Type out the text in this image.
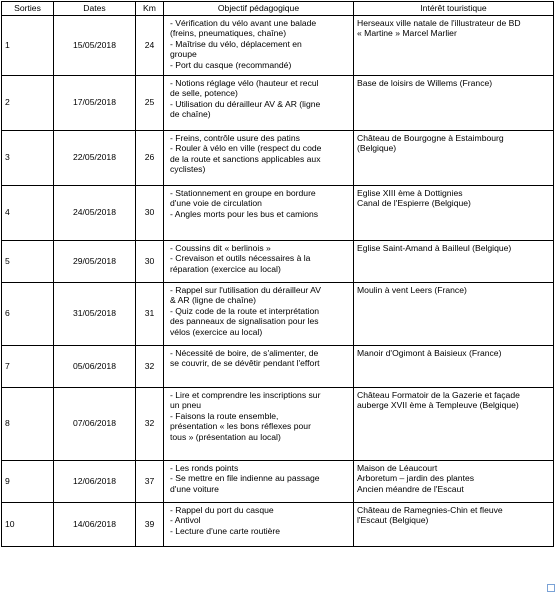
Sorties	Dates	Km	Objectif pédagogique	Intérêt touristique

1	15/05/2018	24	- Vérification du vélo avant une balade
(freins, pneumatiques, chaîne)
- Maîtrise du vélo, déplacement en
groupe
- Port du casque (recommandé)	Herseaux ville natale de l'illustrateur de BD
« Martine » Marcel Marlier

2	17/05/2018	25	- Notions réglage vélo (hauteur et recul
de selle, potence)
- Utilisation du dérailleur AV & AR (ligne
de chaîne)	Base de loisirs de Willems (France)

3	22/05/2018	26	- Freins, contrôle usure des patins
- Rouler à vélo en ville (respect du code
de la route et sanctions applicables aux
cyclistes)	Château de Bourgogne à Estaimbourg
(Belgique)

4	24/05/2018	30	- Stationnement en groupe en bordure
d'une voie de circulation
- Angles morts pour les bus et camions	Eglise XIII ème à Dottignies
Canal de l'Espierre (Belgique)

5	29/05/2018	30	- Coussins dit « berlinois »
- Crevaison et outils nécessaires à la
réparation (exercice au local)	Eglise Saint-Amand à Bailleul (Belgique)

6	31/05/2018	31	- Rappel sur l'utilisation du dérailleur AV
& AR (ligne de chaîne)
- Quiz code de la route et interprétation
des panneaux de signalisation pour les
vélos (exercice au local)	Moulin à vent Leers (France)

7	05/06/2018	32	- Nécessité de boire, de s'alimenter, de
se couvrir, de se dévêtir pendant l'effort	Manoir d'Ogimont à Baisieux (France)

8	07/06/2018	32	- Lire et comprendre les inscriptions sur
un pneu
- Faisons la route ensemble,
présentation « les bons réflexes pour
tous » (présentation au local)	Château Formatoir de la Gazerie et façade
auberge XVII ème à Templeuve (Belgique)

9	12/06/2018	37	- Les ronds points
- Se mettre en file indienne au passage
d'une voiture	Maison de Léaucourt
Arboretum – jardin des plantes
Ancien méandre de l'Escaut

10	14/06/2018	39	- Rappel du port du casque
- Antivol
- Lecture d'une carte routière	Château de Ramegnies-Chin et fleuve
l'Escaut (Belgique)
